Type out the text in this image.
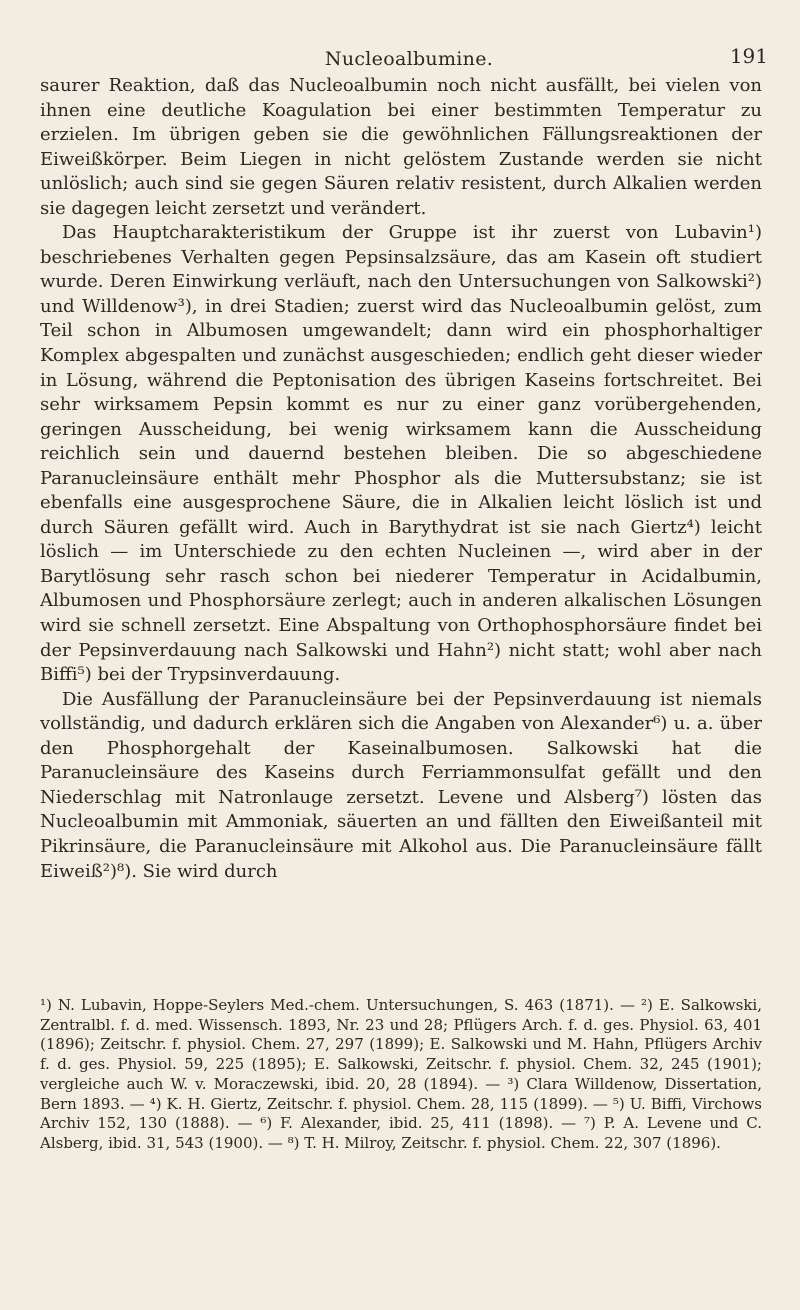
Nucleoalbumine.	191

saurer Reaktion, daß das Nucleoalbumin noch nicht ausfällt, bei vielen von ihnen eine deutliche Koagulation bei einer bestimmten Temperatur zu erzielen. Im übrigen geben sie die gewöhnlichen Fällungsreaktionen der Eiweißkörper. Beim Liegen in nicht gelöstem Zustande werden sie nicht unlöslich; auch sind sie gegen Säuren relativ resistent, durch Alkalien werden sie dagegen leicht zersetzt und verändert.

Das Hauptcharakteristikum der Gruppe ist ihr zuerst von Lubavin¹) beschriebenes Verhalten gegen Pepsinsalzsäure, das am Kasein oft studiert wurde. Deren Einwirkung verläuft, nach den Untersuchungen von Salkowski²) und Willdenow³), in drei Stadien; zuerst wird das Nucleoalbumin gelöst, zum Teil schon in Albumosen umgewandelt; dann wird ein phosphorhaltiger Komplex abgespalten und zunächst ausgeschieden; endlich geht dieser wieder in Lösung, während die Peptonisation des übrigen Kaseins fortschreitet. Bei sehr wirksamem Pepsin kommt es nur zu einer ganz vorübergehenden, geringen Ausscheidung, bei wenig wirksamem kann die Ausscheidung reichlich sein und dauernd bestehen bleiben. Die so abgeschiedene Paranucleinsäure enthält mehr Phosphor als die Muttersubstanz; sie ist ebenfalls eine ausgesprochene Säure, die in Alkalien leicht löslich ist und durch Säuren gefällt wird. Auch in Barythydrat ist sie nach Giertz⁴) leicht löslich — im Unterschiede zu den echten Nucleinen —, wird aber in der Barytlösung sehr rasch schon bei niederer Temperatur in Acidalbumin, Albumosen und Phosphorsäure zerlegt; auch in anderen alkalischen Lösungen wird sie schnell zersetzt. Eine Abspaltung von Orthophosphorsäure findet bei der Pepsinverdauung nach Salkowski und Hahn²) nicht statt; wohl aber nach Biffi⁵) bei der Trypsinverdauung.

Die Ausfällung der Paranucleinsäure bei der Pepsinverdauung ist niemals vollständig, und dadurch erklären sich die Angaben von Alexander⁶) u. a. über den Phosphorgehalt der Kaseinalbumosen. Salkowski hat die Paranucleinsäure des Kaseins durch Ferriammonsulfat gefällt und den Niederschlag mit Natronlauge zersetzt. Levene und Alsberg⁷) lösten das Nucleoalbumin mit Ammoniak, säuerten an und fällten den Eiweißanteil mit Pikrinsäure, die Paranucleinsäure mit Alkohol aus. Die Paranucleinsäure fällt Eiweiß²)⁸). Sie wird durch

¹) N. Lubavin, Hoppe-Seylers Med.-chem. Untersuchungen, S. 463 (1871). — ²) E. Salkowski, Zentralbl. f. d. med. Wissensch. 1893, Nr. 23 und 28; Pflügers Arch. f. d. ges. Physiol. 63, 401 (1896); Zeitschr. f. physiol. Chem. 27, 297 (1899); E. Salkowski und M. Hahn, Pflügers Archiv f. d. ges. Physiol. 59, 225 (1895); E. Salkowski, Zeitschr. f. physiol. Chem. 32, 245 (1901); vergleiche auch W. v. Moraczewski, ibid. 20, 28 (1894). — ³) Clara Willdenow, Dissertation, Bern 1893. — ⁴) K. H. Giertz, Zeitschr. f. physiol. Chem. 28, 115 (1899). — ⁵) U. Biffi, Virchows Archiv 152, 130 (1888). — ⁶) F. Alexander, ibid. 25, 411 (1898). — ⁷) P. A. Levene und C. Alsberg, ibid. 31, 543 (1900). — ⁸) T. H. Milroy, Zeitschr. f. physiol. Chem. 22, 307 (1896).
